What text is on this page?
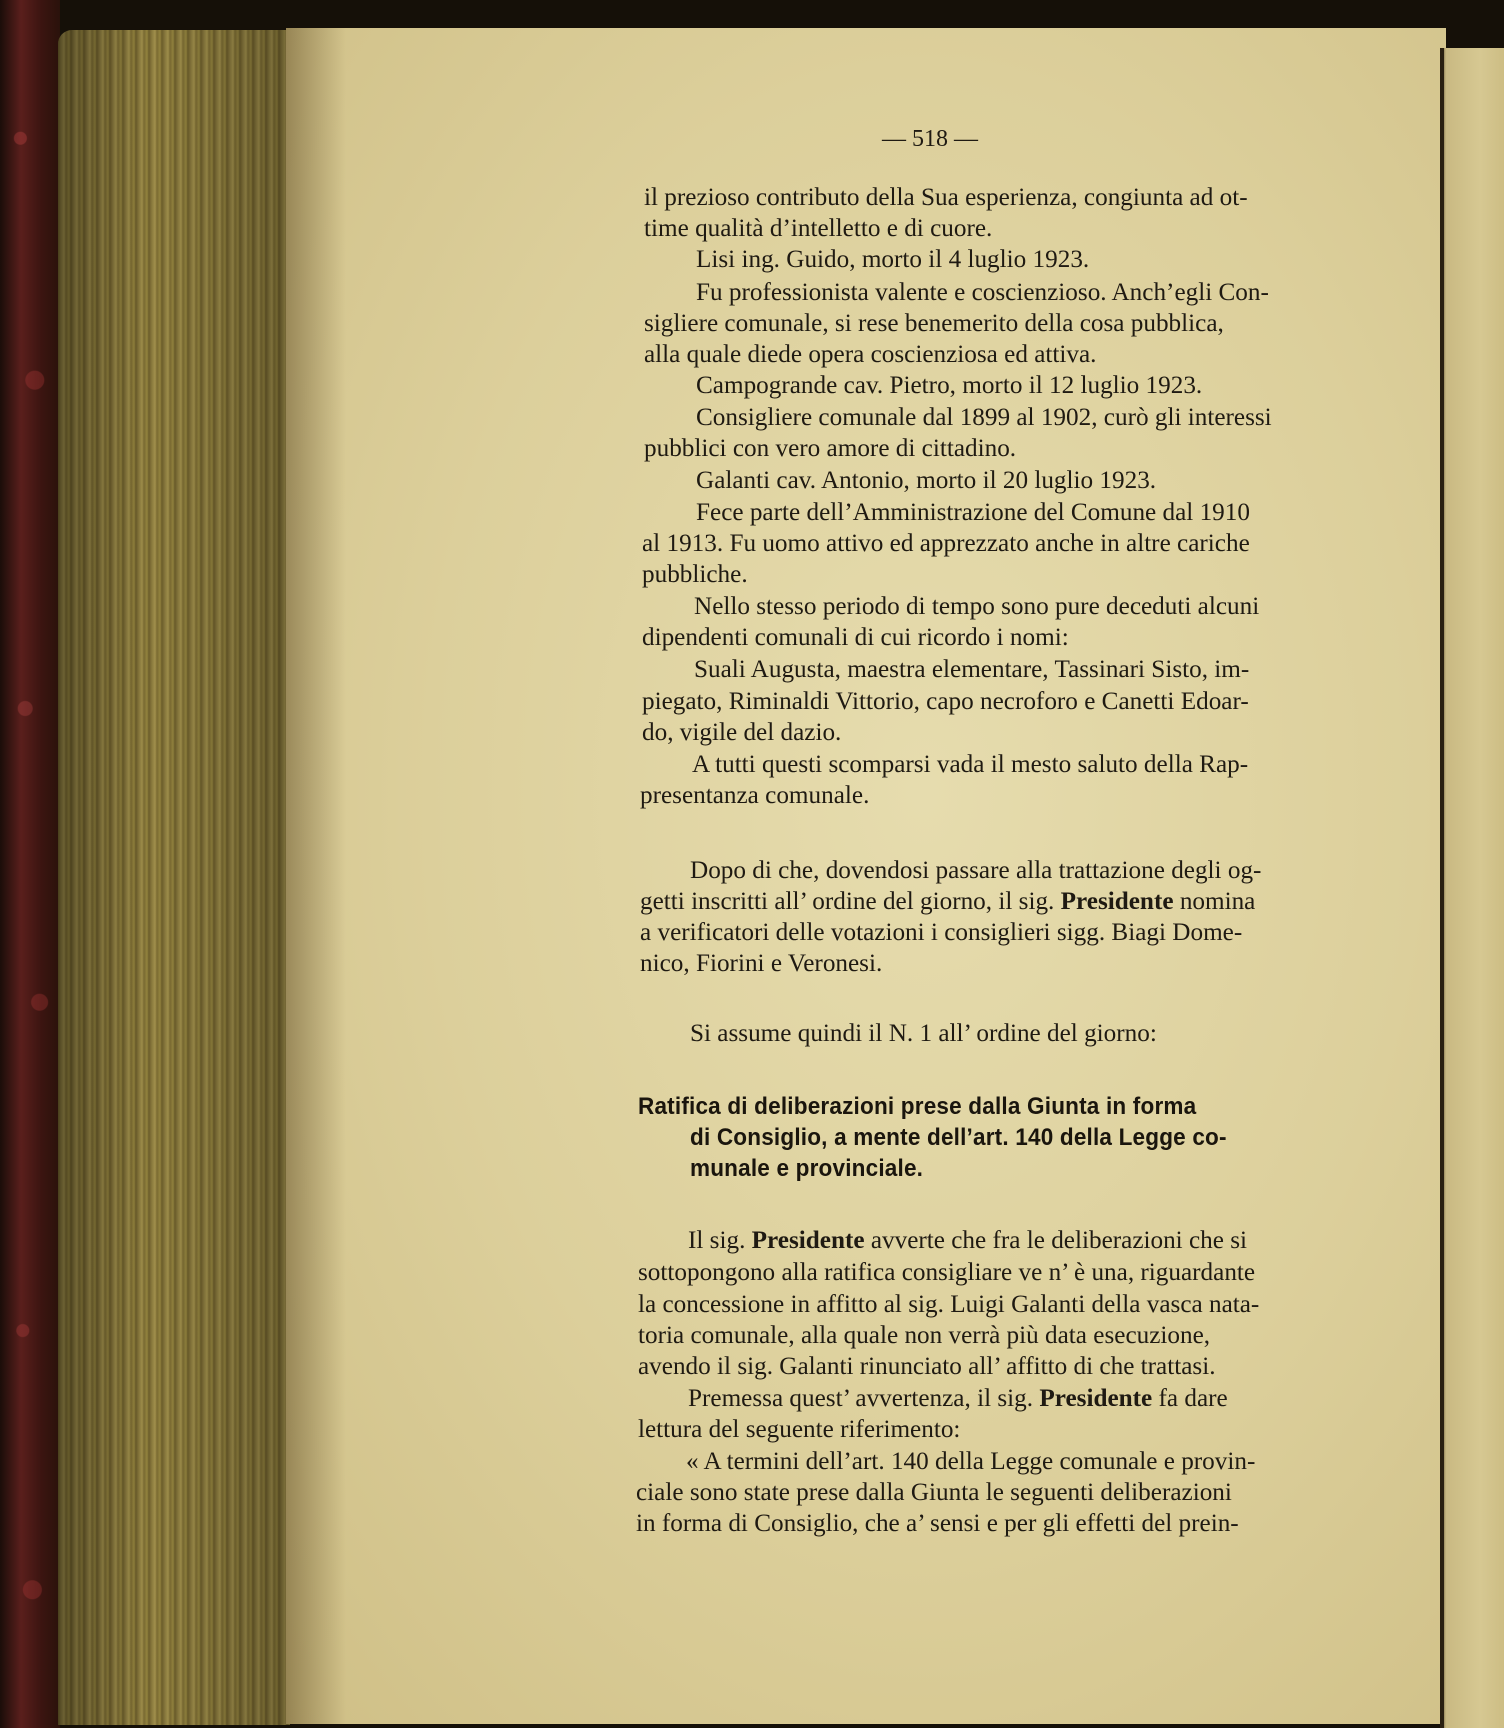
— 518 —
il prezioso contributo della Sua esperienza, congiunta ad ot-
time qualità d’intelletto e di cuore.
Lisi ing. Guido, morto il 4 luglio 1923.
Fu professionista valente e coscienzioso. Anch’egli Con-
sigliere comunale, si rese benemerito della cosa pubblica,
alla quale diede opera coscienziosa ed attiva.
Campogrande cav. Pietro, morto il 12 luglio 1923.
Consigliere comunale dal 1899 al 1902, curò gli interessi
pubblici con vero amore di cittadino.
Galanti cav. Antonio, morto il 20 luglio 1923.
Fece parte dell’Amministrazione del Comune dal 1910
al 1913. Fu uomo attivo ed apprezzato anche in altre cariche
pubbliche.
Nello stesso periodo di tempo sono pure deceduti alcuni
dipendenti comunali di cui ricordo i nomi:
Suali Augusta, maestra elementare, Tassinari Sisto, im-
piegato, Riminaldi Vittorio, capo necroforo e Canetti Edoar-
do, vigile del dazio.
A tutti questi scomparsi vada il mesto saluto della Rap-
presentanza comunale.
Dopo di che, dovendosi passare alla trattazione degli og-
getti inscritti all’ ordine del giorno, il sig. Presidente nomina
a verificatori delle votazioni i consiglieri sigg. Biagi Dome-
nico, Fiorini e Veronesi.
Si assume quindi il N. 1 all’ ordine del giorno:
Ratifica di deliberazioni prese dalla Giunta in forma
di Consiglio, a mente dell’art. 140 della Legge co-
munale e provinciale.
Il sig. Presidente avverte che fra le deliberazioni che si
sottopongono alla ratifica consigliare ve n’ è una, riguardante
la concessione in affitto al sig. Luigi Galanti della vasca nata-
toria comunale, alla quale non verrà più data esecuzione,
avendo il sig. Galanti rinunciato all’ affitto di che trattasi.
Premessa quest’ avvertenza, il sig. Presidente fa dare
lettura del seguente riferimento:
« A termini dell’art. 140 della Legge comunale e provin-
ciale sono state prese dalla Giunta le seguenti deliberazioni
in forma di Consiglio, che a’ sensi e per gli effetti del prein-
